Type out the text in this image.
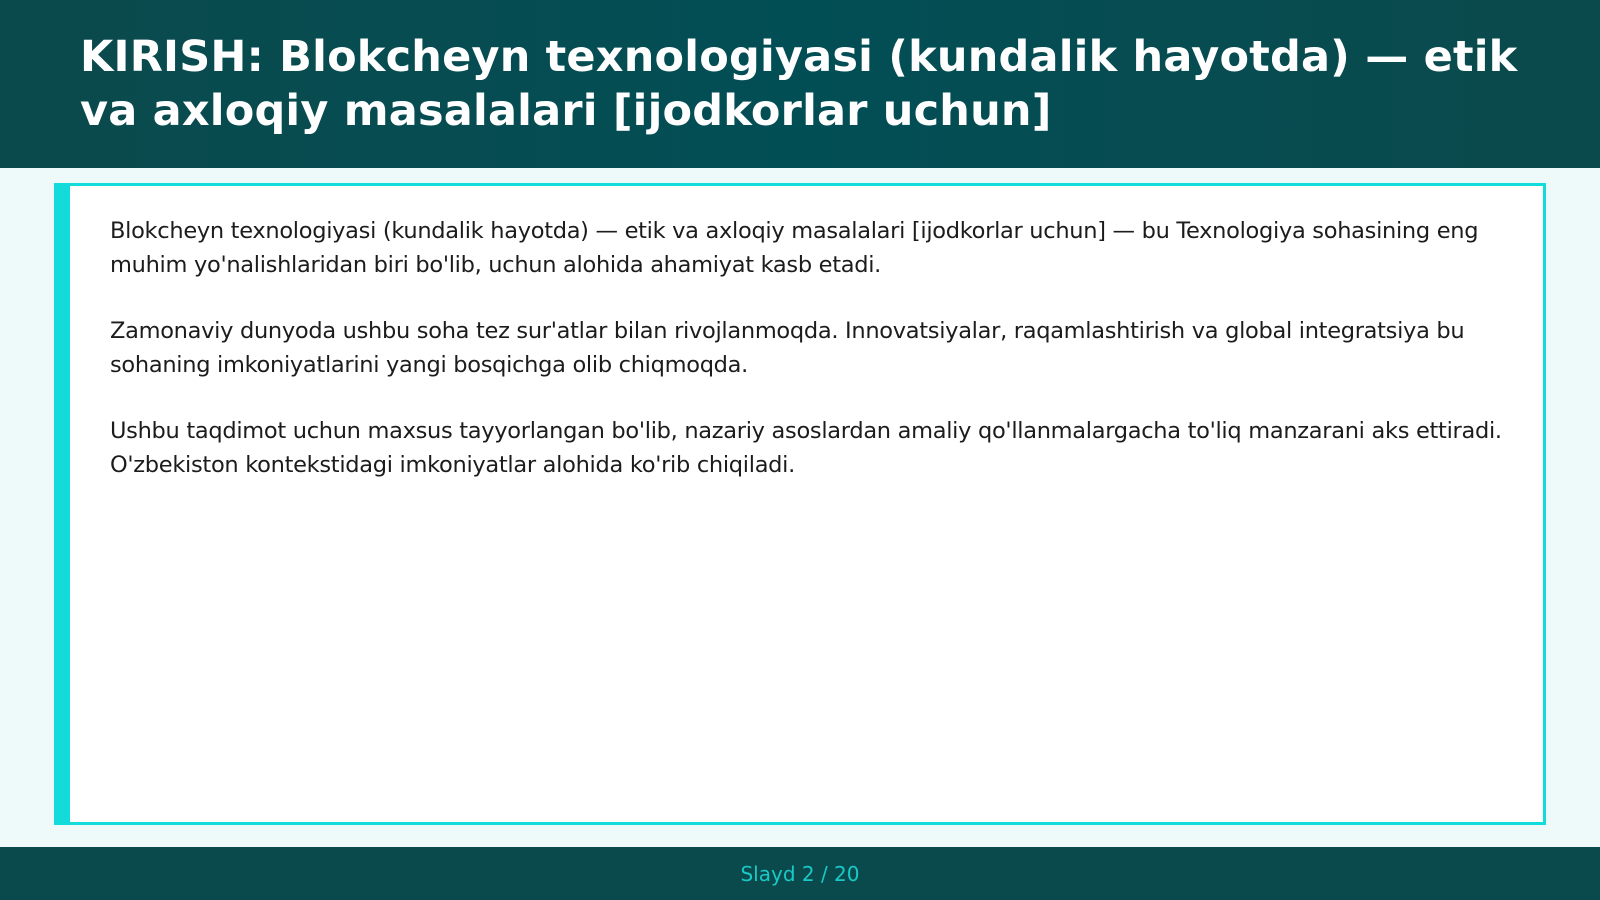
KIRISH: Blokcheyn texnologiyasi (kundalik hayotda) — etik va axloqiy masalalari [ijodkorlar uchun]

Blokcheyn texnologiyasi (kundalik hayotda) — etik va axloqiy masalalari [ijodkorlar uchun] — bu Texnologiya sohasining eng muhim yo'nalishlaridan biri bo'lib, uchun alohida ahamiyat kasb etadi.

Zamonaviy dunyoda ushbu soha tez sur'atlar bilan rivojlanmoqda. Innovatsiyalar, raqamlashtirish va global integratsiya bu sohaning imkoniyatlarini yangi bosqichga olib chiqmoqda.

Ushbu taqdimot uchun maxsus tayyorlangan bo'lib, nazariy asoslardan amaliy qo'llanmalargacha to'liq manzarani aks ettiradi. O'zbekiston kontekstidagi imkoniyatlar alohida ko'rib chiqiladi.

Slayd 2 / 20
